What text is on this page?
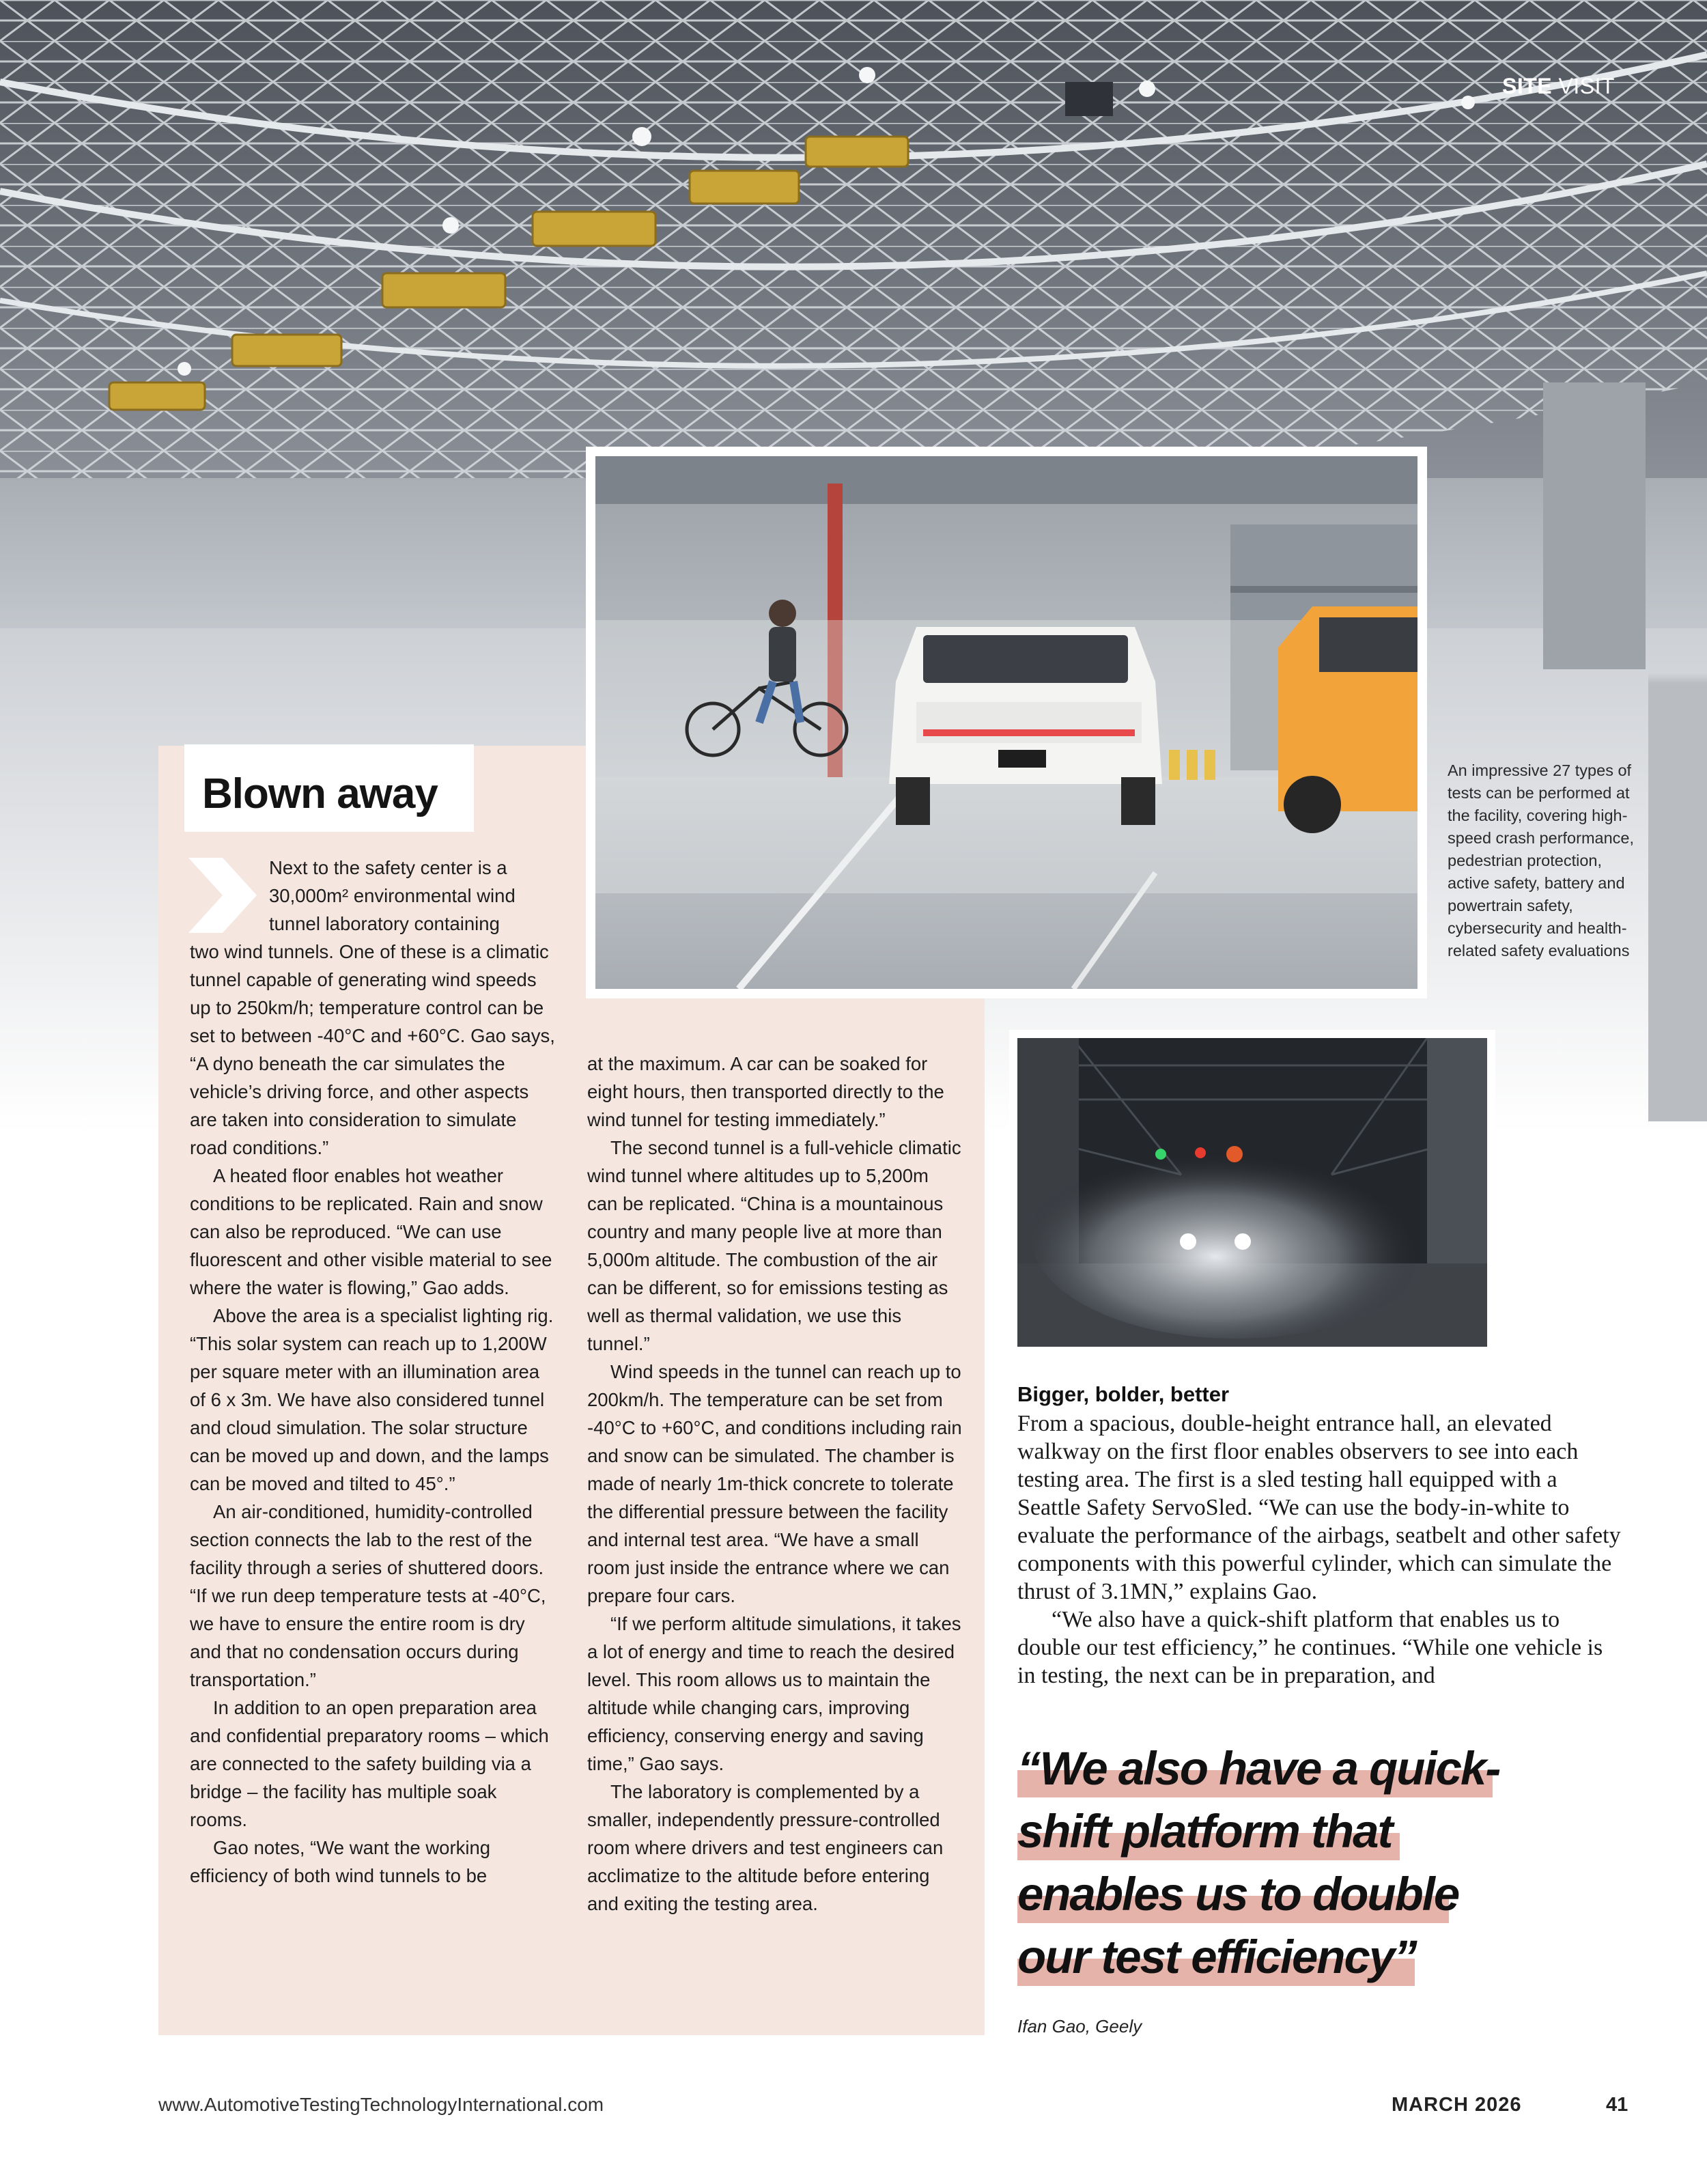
SITE VISIT
Blown away

Next to the safety center is a 30,000m² environmental wind tunnel laboratory containing

two wind tunnels. One of these is a climatic tunnel capable of generating wind speeds up to 250km/h; temperature control can be set to between -40°C and +60°C. Gao says, “A dyno beneath the car simulates the vehicle’s driving force, and other aspects are taken into consideration to simulate road conditions.”

A heated floor enables hot weather conditions to be replicated. Rain and snow can also be reproduced. “We can use fluorescent and other visible material to see where the water is flowing,” Gao adds.

Above the area is a specialist lighting rig. “This solar system can reach up to 1,200W per square meter with an illumination area of 6 x 3m. We have also considered tunnel and cloud simulation. The solar structure can be moved up and down, and the lamps can be moved and tilted to 45°.”

An air-conditioned, humidity-controlled section connects the lab to the rest of the facility through a series of shuttered doors. “If we run deep temperature tests at -40°C, we have to ensure the entire room is dry and that no condensation occurs during transportation.”

In addition to an open preparation area and confidential preparatory rooms – which are connected to the safety building via a bridge – the facility has multiple soak rooms.

Gao notes, “We want the working efficiency of both wind tunnels to be

at the maximum. A car can be soaked for eight hours, then transported directly to the wind tunnel for testing immediately.”

The second tunnel is a full-vehicle climatic wind tunnel where altitudes up to 5,200m can be replicated. “China is a mountainous country and many people live at more than 5,000m altitude. The combustion of the air can be different, so for emissions testing as well as thermal validation, we use this tunnel.”

Wind speeds in the tunnel can reach up to 200km/h. The temperature can be set from -40°C to +60°C, and conditions including rain and snow can be simulated. The chamber is made of nearly 1m-thick concrete to tolerate the differential pressure between the facility and internal test area. “We have a small room just inside the entrance where we can prepare four cars.

“If we perform altitude simulations, it takes a lot of energy and time to reach the desired level. This room allows us to maintain the altitude while changing cars, improving efficiency, conserving energy and saving time,” Gao says.

The laboratory is complemented by a smaller, independently pressure-controlled room where drivers and test engineers can acclimatize to the altitude before entering and exiting the testing area.

An impressive 27 types of tests can be performed at the facility, covering high-speed crash performance, pedestrian protection, active safety, battery and powertrain safety, cybersecurity and health-related safety evaluations
Bigger, bolder, better

From a spacious, double-height entrance hall, an elevated walkway on the first floor enables observers to see into each testing area. The first is a sled testing hall equipped with a Seattle Safety ServoSled. “We can use the body-in-white to evaluate the performance of the airbags, seatbelt and other safety components with this powerful cylinder, which can simulate the thrust of 3.1MN,” explains Gao.

“We also have a quick-shift platform that enables us to double our test efficiency,” he continues. “While one vehicle is in testing, the next can be in preparation, and

“We also have a quick-
shift platform that
enables us to double
our test efficiency”
Ifan Gao, Geely
www.AutomotiveTestingTechnologyInternational.com	MARCH 2026	41
